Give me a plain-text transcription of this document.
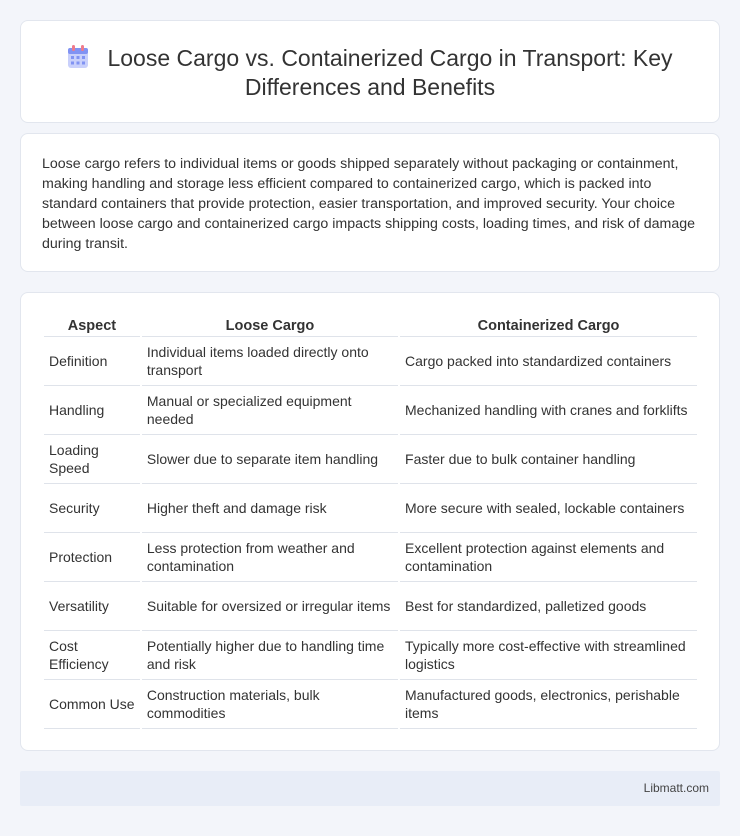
Loose Cargo vs. Containerized Cargo in Transport: Key Differences and Benefits

Loose cargo refers to individual items or goods shipped separately without packaging or containment, making handling and storage less efficient compared to containerized cargo, which is packed into standard containers that provide protection, easier transportation, and improved security. Your choice between loose cargo and containerized cargo impacts shipping costs, loading times, and risk of damage during transit.

Aspect	Loose Cargo	Containerized Cargo
Definition	Individual items loaded directly onto transport	Cargo packed into standardized containers
Handling	Manual or specialized equipment needed	Mechanized handling with cranes and forklifts
Loading Speed	Slower due to separate item handling	Faster due to bulk container handling
Security	Higher theft and damage risk	More secure with sealed, lockable containers
Protection	Less protection from weather and contamination	Excellent protection against elements and contamination
Versatility	Suitable for oversized or irregular items	Best for standardized, palletized goods
Cost Efficiency	Potentially higher due to handling time and risk	Typically more cost-effective with streamlined logistics
Common Use	Construction materials, bulk commodities	Manufactured goods, electronics, perishable items
Libmatt.com
